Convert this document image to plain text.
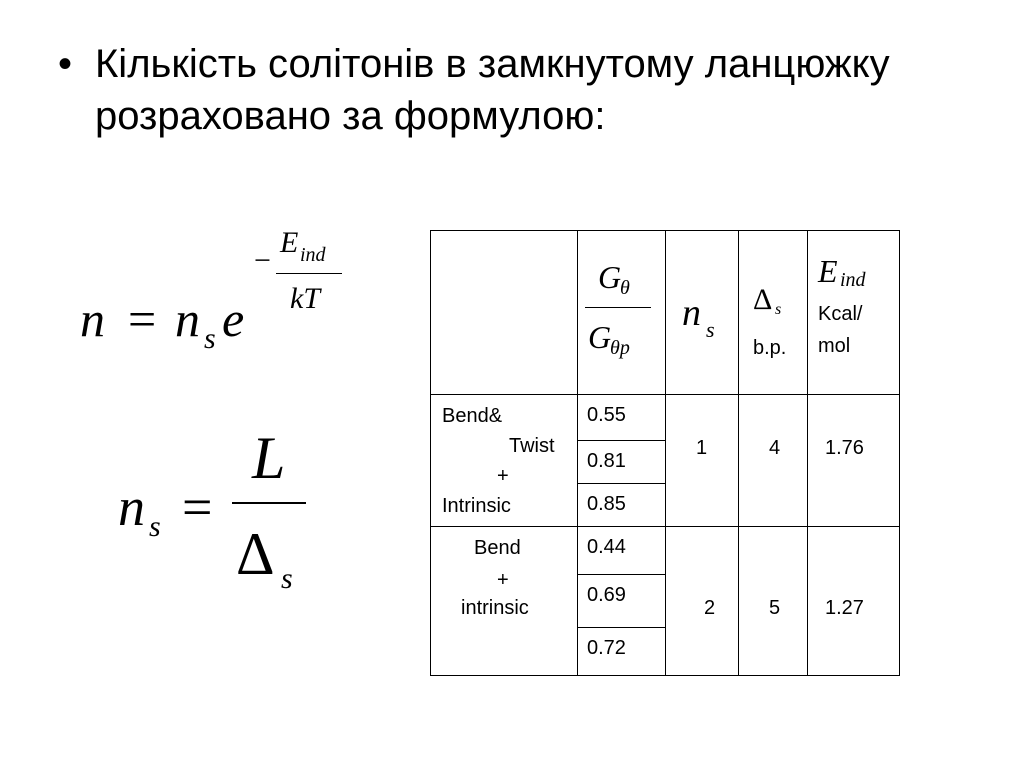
• Кількість солітонів в замкнутому ланцюжку розраховано за формулою:
n = n s e
−
E ind
kT
n s =
L
Δ s

	G
θ
G
θp	n s	Δ s
b.p.	E ind
Kcal/
mol

Bend&
Twist
+
Intrinsic	0.55	1	4	1.76

	0.81			
	0.85			

Bend
+
intrinsic	0.44	2	5	1.27

	0.69			
	0.72			
